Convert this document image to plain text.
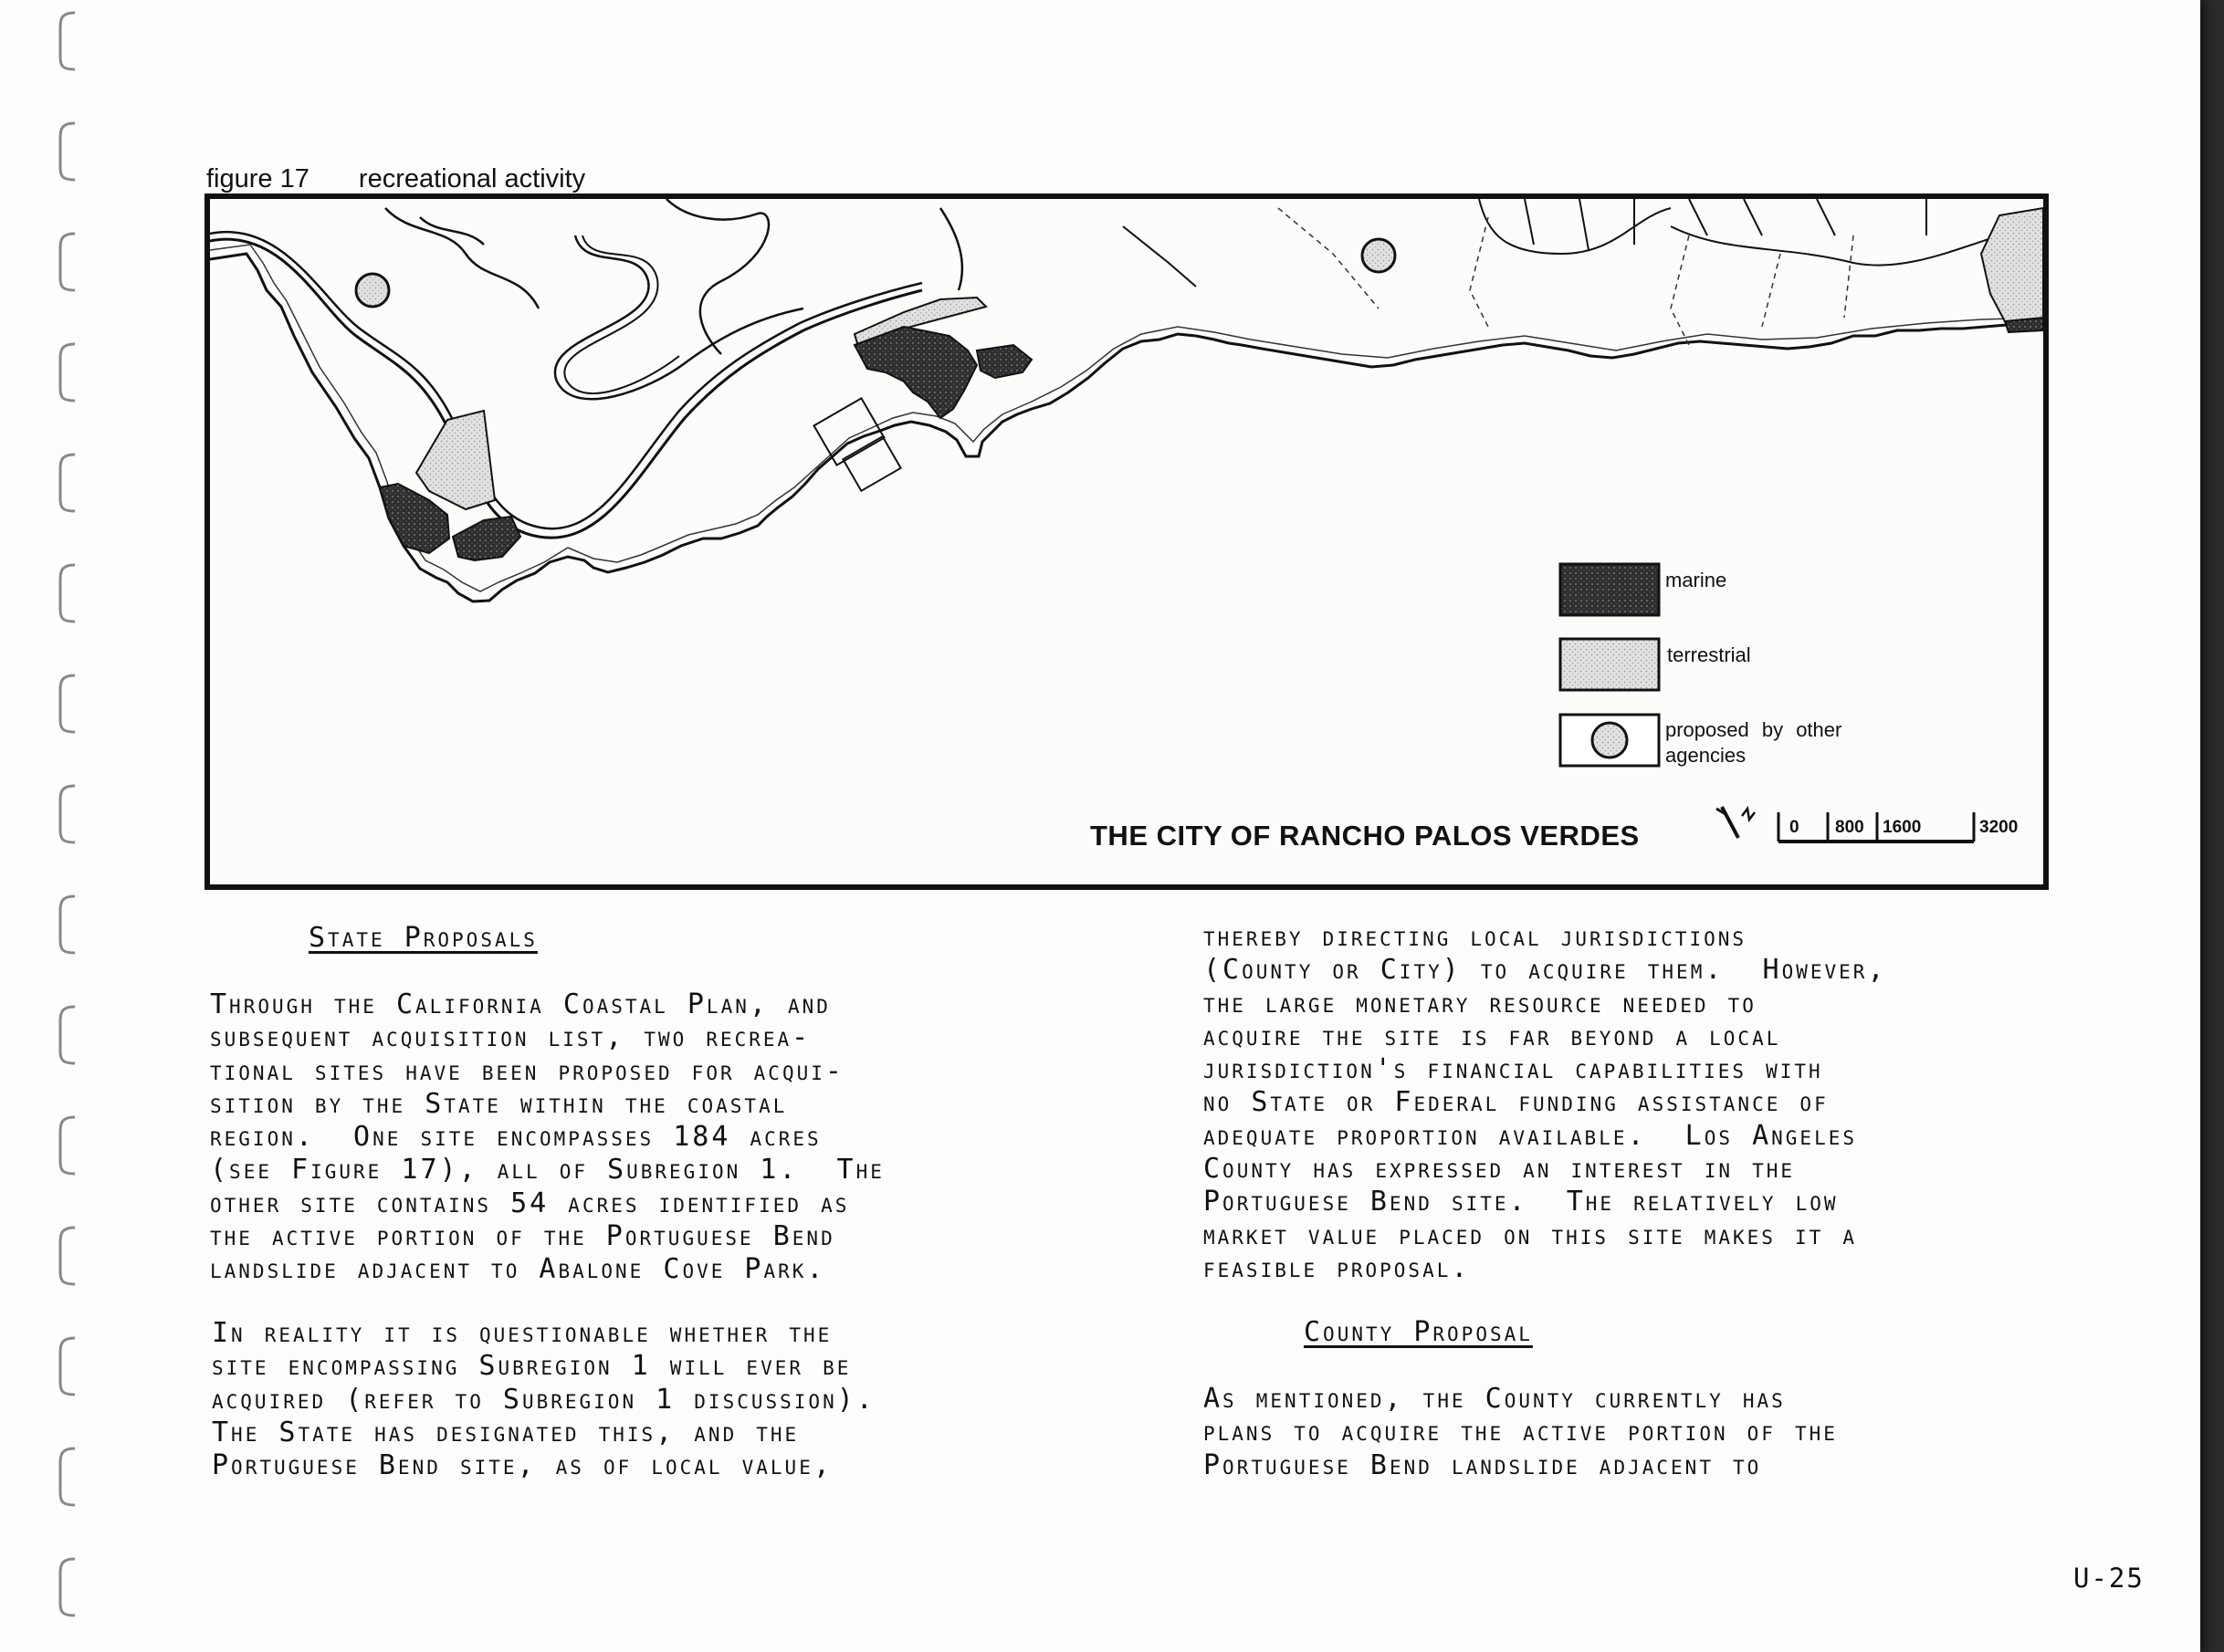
figure 17 recreational activity
marine
terrestrial
proposed by other agencies
THE CITY OF RANCHO PALOS VERDES	0 800 1600	3200
State Proposals
Through the California Coastal Plan, and
subsequent acquisition list, two recrea-
tional sites have been proposed for acqui-
sition by the State within the coastal
region.  One site encompasses 184 acres
(see Figure 17), all of Subregion 1.  The
other site contains 54 acres identified as
the active portion of the Portuguese Bend
landslide adjacent to Abalone Cove Park.
In reality it is questionable whether the
site encompassing Subregion 1 will ever be
acquired (refer to Subregion 1 discussion).
The State has designated this, and the
Portuguese Bend site, as of local value,
thereby directing local jurisdictions
(County or City) to acquire them.  However,
the large monetary resource needed to
acquire the site is far beyond a local
jurisdiction's financial capabilities with
no State or Federal funding assistance of
adequate proportion available.  Los Angeles
County has expressed an interest in the
Portuguese Bend site.  The relatively low
market value placed on this site makes it a
feasible proposal.
County Proposal
As mentioned, the County currently has
plans to acquire the active portion of the
Portuguese Bend landslide adjacent to
U-25
